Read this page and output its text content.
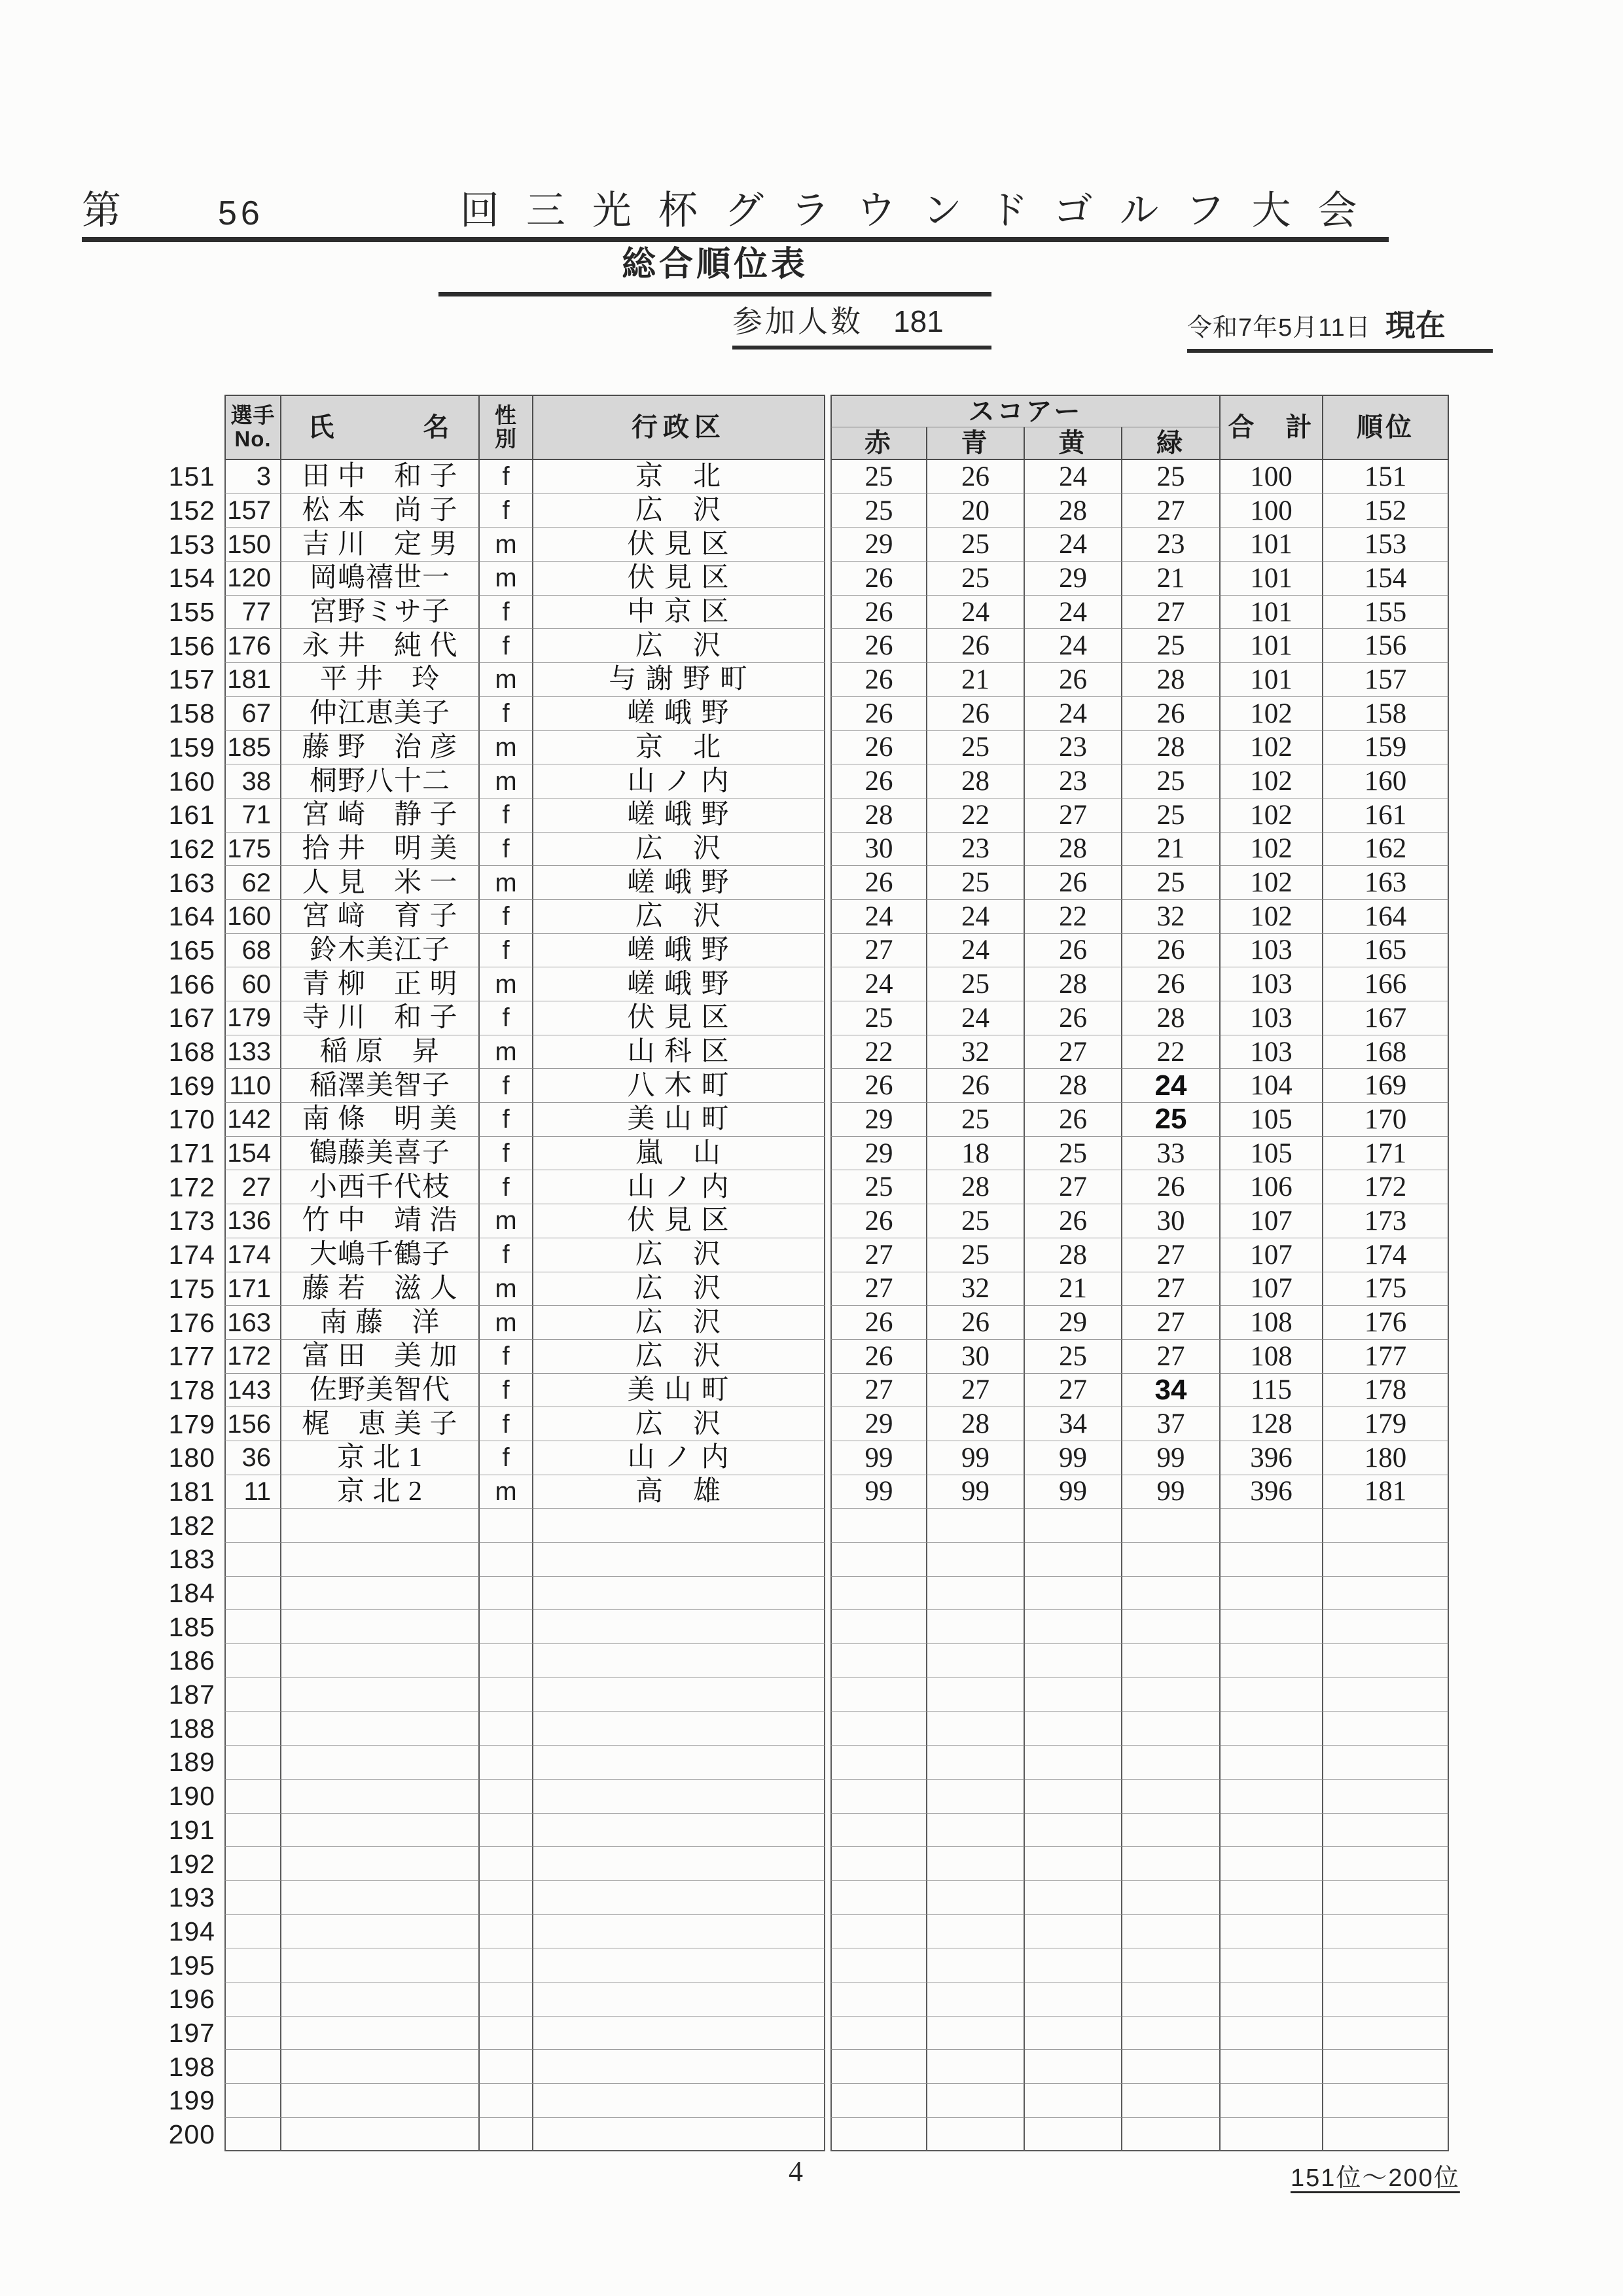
第	56	回三光杯グラウンドゴルフ大会
総合順位表
参加人数 181	令和7年5月11日 現在
選手
No.	氏　　　名	性
別	行政区
スコアー
赤	青	黄	緑
合　計	順位
151	3	田 中　和 子	f	京　北	25	26	24	25	100	151
152 157	松 本　尚 子	f	広　沢	25	20	28	27	100	152
153 150	吉 川　定 男	m	伏 見 区	29	25	24	23	101	153
154 120	岡嶋禧世一	m	伏 見 区	26	25	29	21	101	154
155	77	宮野ミサ子	f	中 京 区	26	24	24	27	101	155
156 176	永 井　純 代	f	広　沢	26	26	24	25	101	156
157 181	平 井　玲	m	与 謝 野 町	26	21	26	28	101	157
158	67	仲江恵美子	f	嵯 峨 野	26	26	24	26	102	158
159 185	藤 野　治 彦	m	京　北	26	25	23	28	102	159
160	38	桐野八十二	m	山 ノ 内	26	28	23	25	102	160
161	71	宮 崎　静 子	f	嵯 峨 野	28	22	27	25	102	161
162 175	拾 井　明 美	f	広　沢	30	23	28	21	102	162
163	62	人 見　米 一	m	嵯 峨 野	26	25	26	25	102	163
164 160	宮 﨑　育 子	f	広　沢	24	24	22	32	102	164
165	68	鈴木美江子	f	嵯 峨 野	27	24	26	26	103	165
166	60	青 柳　正 明	m	嵯 峨 野	24	25	28	26	103	166
167 179	寺 川　和 子	f	伏 見 区	25	24	26	28	103	167
168 133	稲 原　昇	m	山 科 区	22	32	27	22	103	168
169 110	稲澤美智子	f	八 木 町	26	26	28	24	104	169
170 142	南 條　明 美	f	美 山 町	29	25	26	25	105	170
171 154	鶴藤美喜子	f	嵐　山	29	18	25	33	105	171
172	27	小西千代枝	f	山 ノ 内	25	28	27	26	106	172
173 136	竹 中　靖 浩	m	伏 見 区	26	25	26	30	107	173
174 174	大嶋千鶴子	f	広　沢	27	25	28	27	107	174
175 171	藤 若　滋 人	m	広　沢	27	32	21	27	107	175
176 163	南 藤　洋	m	広　沢	26	26	29	27	108	176
177 172	富 田　美 加	f	広　沢	26	30	25	27	108	177
178 143	佐野美智代	f	美 山 町	27	27	27	34	115	178
179 156	梶　恵 美 子	f	広　沢	29	28	34	37	128	179
180	36	京 北 1	f	山 ノ 内	99	99	99	99	396	180
181	11	京 北 2	m	高　雄	99	99	99	99	396	181
182
183
184
185
186
187
188
189
190
191
192
193
194
195
196
197
198
199
200
4	151位～200位
